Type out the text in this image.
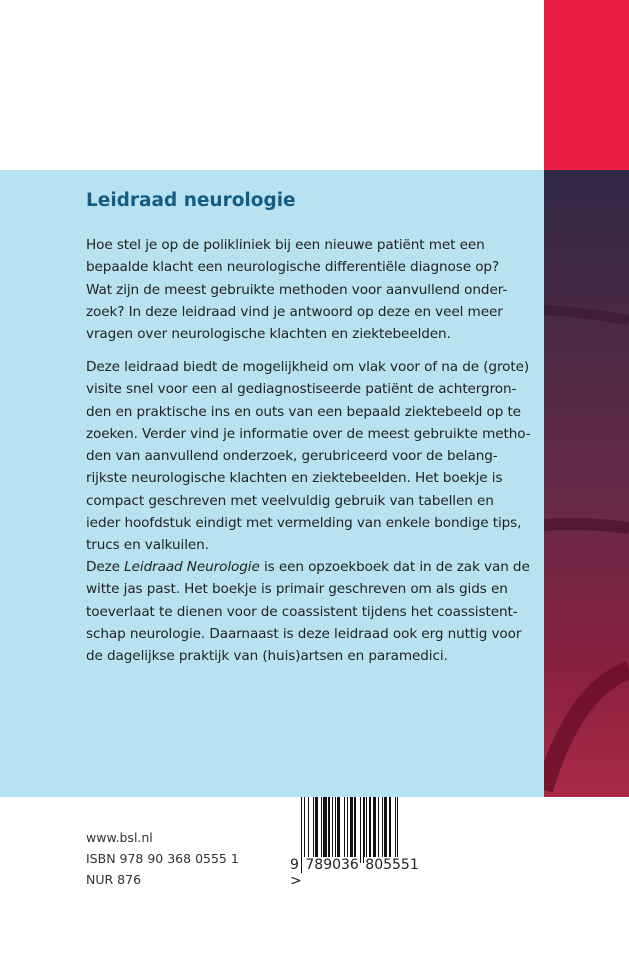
Leidraad neurologie
Hoe stel je op de polikliniek bij een nieuwe patiënt met een
bepaalde klacht een neurologische differentiële diagnose op?
Wat zijn de meest gebruikte methoden voor aanvullend onder-
zoek? In deze leidraad vind je antwoord op deze en veel meer
vragen over neurologische klachten en ziektebeelden.
Deze leidraad biedt de mogelijkheid om vlak voor of na de (grote)
visite snel voor een al gediagnostiseerde patiënt de achtergron-
den en praktische ins en outs van een bepaald ziektebeeld op te
zoeken. Verder vind je informatie over de meest gebruikte metho-
den van aanvullend onderzoek, gerubriceerd voor de belang-
rijkste neurologische klachten en ziektebeelden. Het boekje is
compact geschreven met veelvuldig gebruik van tabellen en
ieder hoofdstuk eindigt met vermelding van enkele bondige tips,
trucs en valkuilen.
Deze Leidraad Neurologie is een opzoekboek dat in de zak van de
witte jas past. Het boekje is primair geschreven om als gids en
toeverlaat te dienen voor de coassistent tijdens het coassistent-
schap neurologie. Daarnaast is deze leidraad ook erg nuttig voor
de dagelijkse praktijk van (huis)artsen en paramedici.
www.bsl.nl
ISBN 978 90 368 0555 1
NUR 876
9 789036 805551 >
